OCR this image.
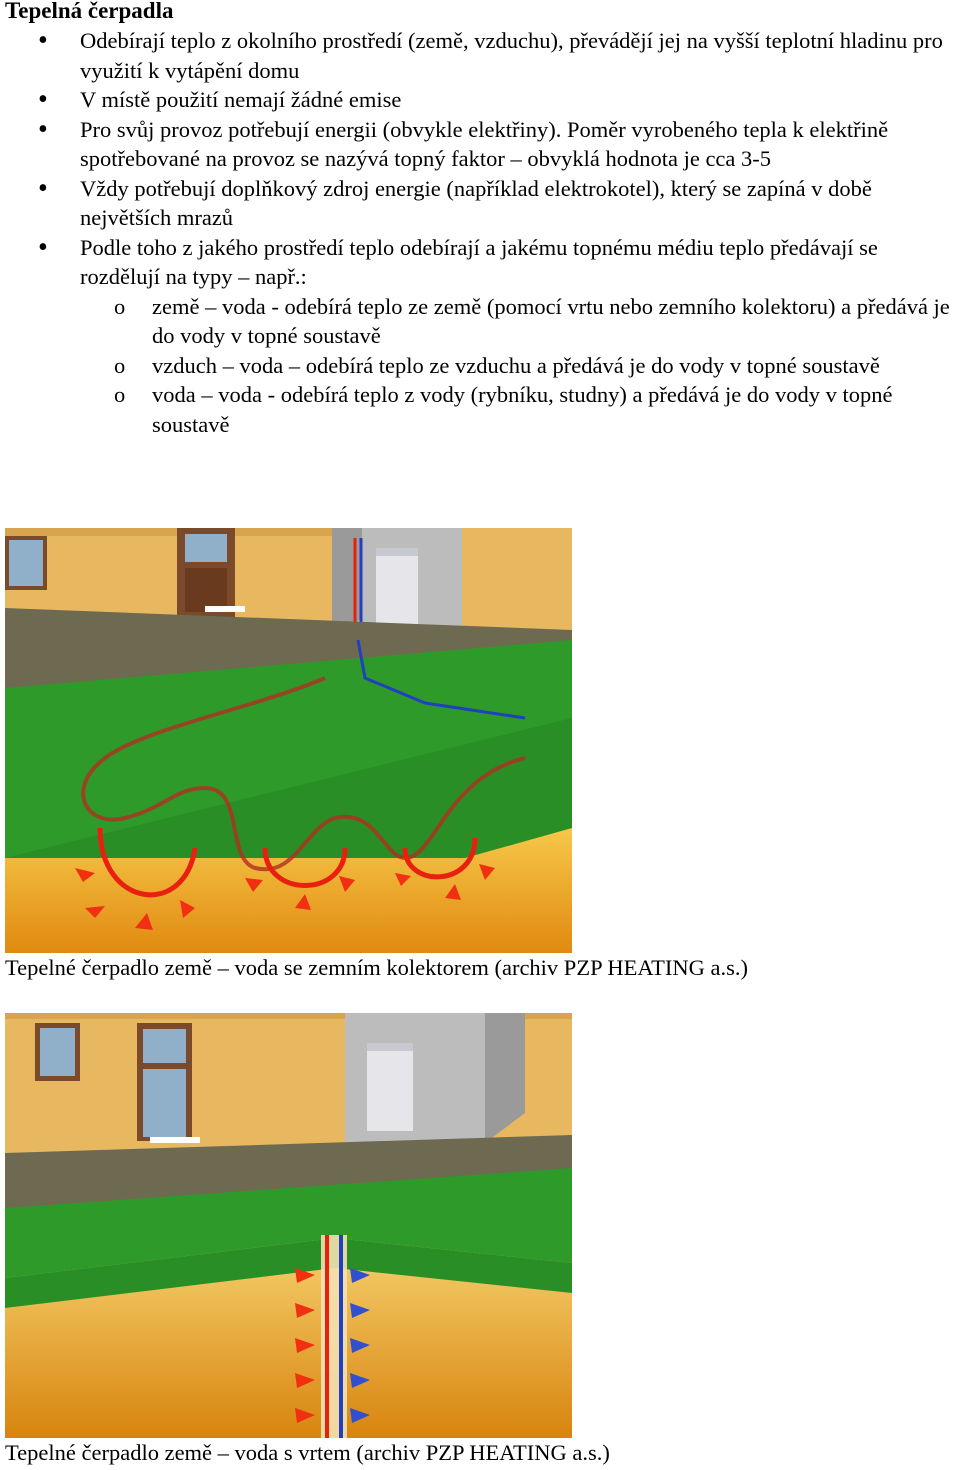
Tepelná čerpadla
• Odebírají teplo z okolního prostředí (země, vzduchu), převádějí jej na vyšší teplotní hladinu pro využití k vytápění domu
• V místě použití nemají žádné emise
• Pro svůj provoz potřebují energii (obvykle elektřiny). Poměr vyrobeného tepla k elektřině spotřebované na provoz se nazývá topný faktor – obvyklá hodnota je cca 3-5
• Vždy potřebují doplňkový zdroj energie (například elektrokotel), který se zapíná v době největších mrazů
• Podle toho z jakého prostředí teplo odebírají a jakému topnému médiu teplo předávají se rozdělují na typy – např.:
o země – voda - odebírá teplo ze země (pomocí vrtu nebo zemního kolektoru) a předává je do vody v topné soustavě
o vzduch – voda – odebírá teplo ze vzduchu a předává je do vody v topné soustavě
o voda – voda - odebírá teplo z vody (rybníku, studny) a předává je do vody v topné soustavě
Tepelné čerpadlo země – voda se zemním kolektorem (archiv PZP HEATING a.s.)
Tepelné čerpadlo země – voda s vrtem (archiv PZP HEATING a.s.)
